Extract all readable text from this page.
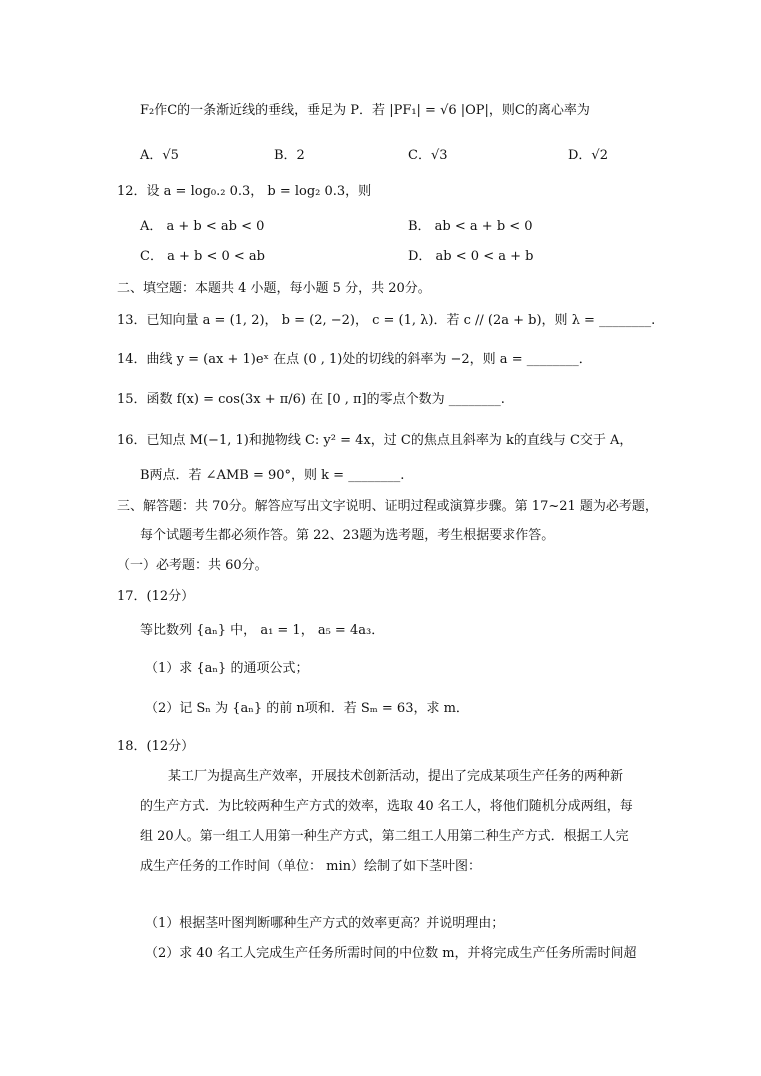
F₂作C的一条渐近线的垂线，垂足为 P．若 |PF₁| = √6 |OP|，则C的离心率为
A．√5	B．2	C．√3	D．√2
12．设 a = log₀.₂ 0.3， b = log₂ 0.3，则
A． a + b < ab < 0	B． ab < a + b < 0
C． a + b < 0 < ab	D． ab < 0 < a + b
二、填空题：本题共 4 小题，每小题 5 分，共 20分。
13．已知向量 a = (1, 2)， b = (2, −2)， c = (1, λ)．若 c // (2a + b)，则 λ = ________.
14．曲线 y = (ax + 1)eˣ 在点 (0 , 1)处的切线的斜率为 −2，则 a = ________．
15．函数 f(x) = cos(3x + π/6) 在 [0 , π]的零点个数为 ________.
16．已知点 M(−1, 1)和抛物线 C: y² = 4x，过 C的焦点且斜率为 k的直线与 C交于 A，
B两点．若 ∠AMB = 90°，则 k = ________.
三、解答题：共 70分。解答应写出文字说明、证明过程或演算步骤。第 17~21 题为必考题，
每个试题考生都必须作答。第 22、23题为选考题，考生根据要求作答。
（一）必考题：共 60分。
17．(12分）
等比数列 {aₙ} 中， a₁ = 1， a₅ = 4a₃．
（1）求 {aₙ} 的通项公式；
（2）记 Sₙ 为 {aₙ} 的前 n项和．若 Sₘ = 63，求 m．
18．(12分）
某工厂为提高生产效率，开展技术创新活动，提出了完成某项生产任务的两种新
的生产方式．为比较两种生产方式的效率，选取 40 名工人，将他们随机分成两组，每
组 20人。第一组工人用第一种生产方式，第二组工人用第二种生产方式．根据工人完
成生产任务的工作时间（单位： min）绘制了如下茎叶图：
（1）根据茎叶图判断哪种生产方式的效率更高？并说明理由；
（2）求 40 名工人完成生产任务所需时间的中位数 m，并将完成生产任务所需时间超
